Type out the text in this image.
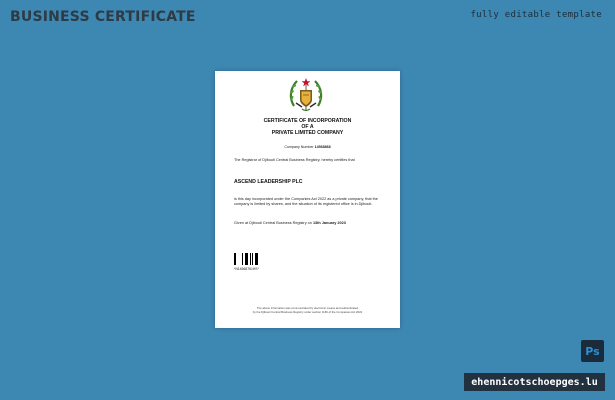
BUSINESS CERTIFICATE	fully editable template
CERTIFICATE OF INCORPORATION
OF A
PRIVATE LIMITED COMPANY
Company Number 14568868
The Registrar of Djibouti Central Business Registry, hereby certifies that
ASCEND LEADERSHIP PLC
is this day incorporated under the Companies Act 2022 as a private company, that the company is limited by shares, and the situation of its registered office is in Djibouti.
Given at Djibouti Central Business Registry on 13th January 2023
*N14568761HS*
The above information was communicated by electronic means and authenticated
by the Djibouti Central Business Registry under section 1166 of the Companies Act 2022
Ps
ehennicotschoepges.lu
